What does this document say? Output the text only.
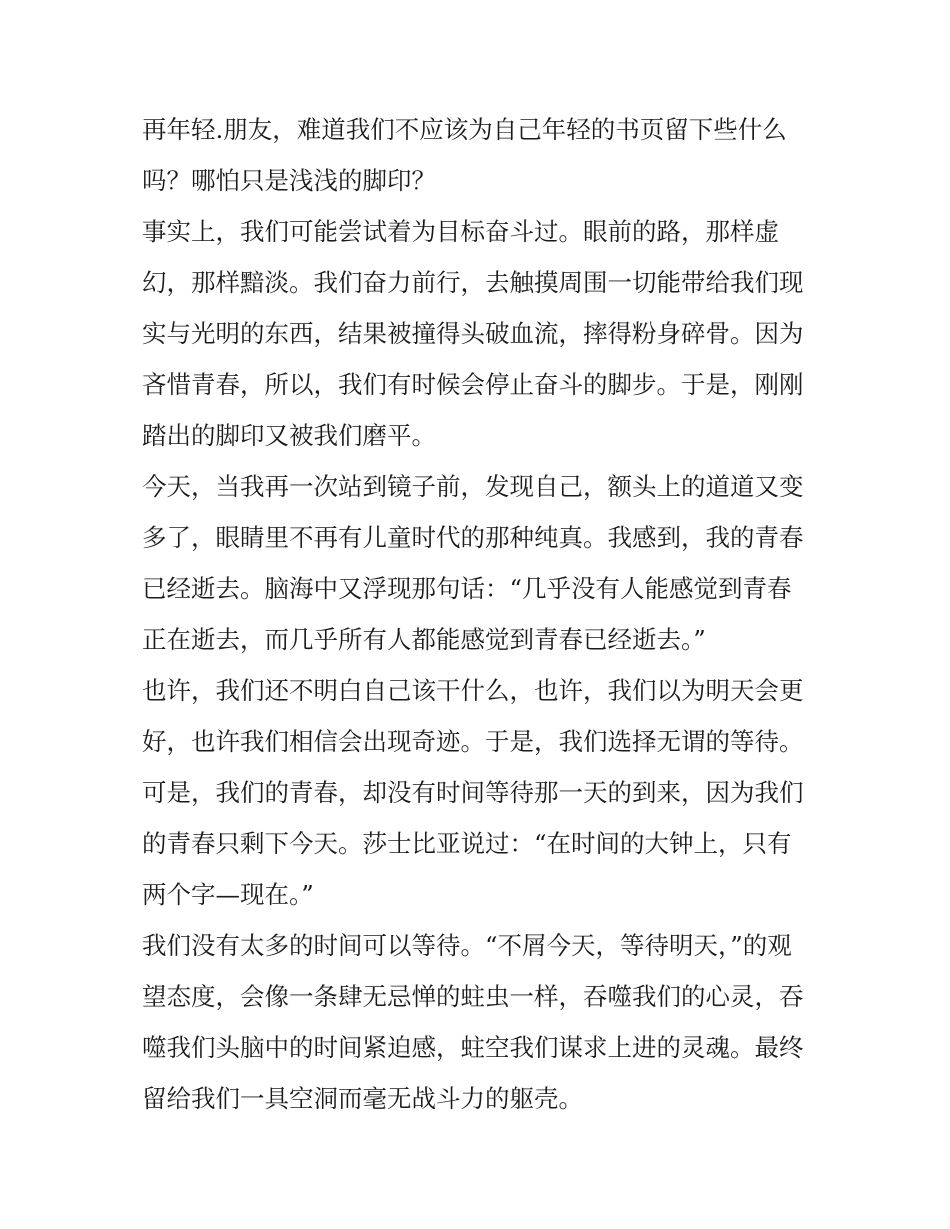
再年轻.朋友，难道我们不应该为自己年轻的书页留下些什么
吗？哪怕只是浅浅的脚印？
事实上，我们可能尝试着为目标奋斗过。眼前的路，那样虚
幻，那样黯淡。我们奋力前行，去触摸周围一切能带给我们现
实与光明的东西，结果被撞得头破血流，摔得粉身碎骨。因为
吝惜青春，所以，我们有时候会停止奋斗的脚步。于是，刚刚
踏出的脚印又被我们磨平。
今天，当我再一次站到镜子前，发现自己，额头上的道道又变
多了，眼睛里不再有儿童时代的那种纯真。我感到，我的青春
已经逝去。脑海中又浮现那句话：“几乎没有人能感觉到青春
正在逝去，而几乎所有人都能感觉到青春已经逝去。”
也许，我们还不明白自己该干什么，也许，我们以为明天会更
好，也许我们相信会出现奇迹。于是，我们选择无谓的等待。
可是，我们的青春，却没有时间等待那一天的到来，因为我们
的青春只剩下今天。莎士比亚说过：“在时间的大钟上，只有
两个字—现在。”
我们没有太多的时间可以等待。“不屑今天，等待明天，”的观
望态度，会像一条肆无忌惮的蛀虫一样，吞噬我们的心灵，吞
噬我们头脑中的时间紧迫感，蛀空我们谋求上进的灵魂。最终
留给我们一具空洞而毫无战斗力的躯壳。
